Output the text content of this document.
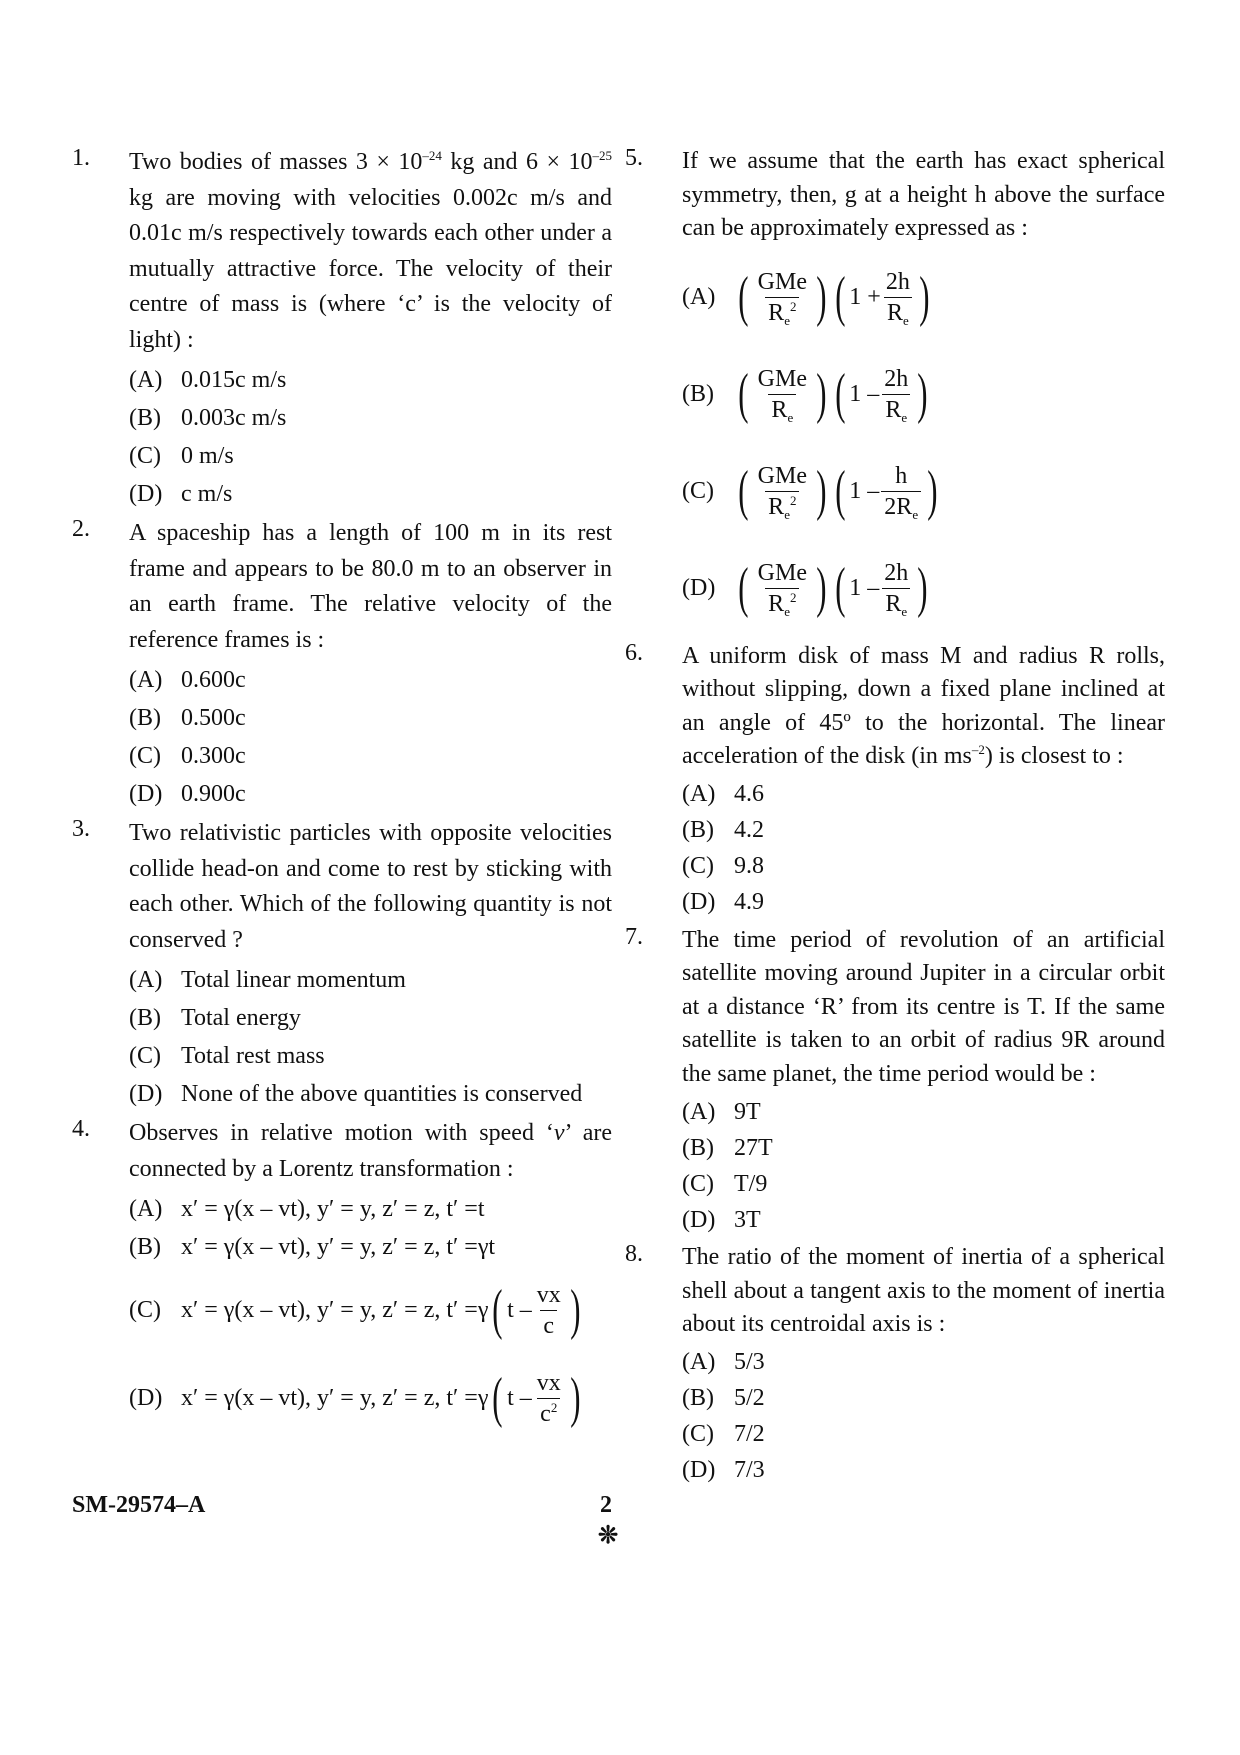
1. Two bodies of masses $3 \times 10^{-24}$ kg and $6 \times 10^{-25}$ kg are moving with velocities 0.002c m/s and 0.01c m/s respectively towards each other under a mutually attractive force. The velocity of their centre of mass is (where ‘c’ is the velocity of light) :
(A) 0.015c m/s
(B) 0.003c m/s
(C) 0 m/s
(D) c m/s
2. A spaceship has a length of 100 m in its rest frame and appears to be 80.0 m to an observer in an earth frame. The relative velocity of the reference frames is :
(A) 0.600c
(B) 0.500c
(C) 0.300c
(D) 0.900c
3. Two relativistic particles with opposite velocities collide head-on and come to rest by sticking with each other. Which of the following quantity is not conserved ?
(A) Total linear momentum
(B) Total energy
(C) Total rest mass
(D) None of the above quantities is conserved
4. Observes in relative motion with speed ‘v’ are connected by a Lorentz transformation :
(A) x′ = γ(x – vt), y′ = y, z′ = z, t′ = t
(B) x′ = γ(x – vt), y′ = y, z′ = z, t′ = γt
(C) x′ = γ(x – vt), y′ = y, z′ = z, t′ = γ ( t – $\frac{vx}{c}$ )
(D) x′ = γ(x – vt), y′ = y, z′ = z, t′ = γ ( t – $\frac{vx}{c^2}$ )
5. If we assume that the earth has exact spherical symmetry, then, g at a height h above the surface can be approximately expressed as :
(A) ( $\frac{\text{GMe}}{R_e^2}$ ) ( $1 + \frac{2h}{R_e}$ )
(B) ( $\frac{\text{GMe}}{R_e}$ ) ( $1 - \frac{2h}{R_e}$ )
(C) ( $\frac{\text{GMe}}{R_e^2}$ ) ( $1 - \frac{h}{2R_e}$ )
(D) ( $\frac{\text{GMe}}{R_e^2}$ ) ( $1 - \frac{2h}{R_e}$ )
6. A uniform disk of mass M and radius R rolls, without slipping, down a fixed plane inclined at an angle of 45º to the horizontal. The linear acceleration of the disk (in $ms^{-2}$) is closest to :
(A) 4.6
(B) 4.2
(C) 9.8
(D) 4.9
7. The time period of revolution of an artificial satellite moving around Jupiter in a circular orbit at a distance ‘R’ from its centre is T. If the same satellite is taken to an orbit of radius 9R around the same planet, the time period would be :
(A) 9T
(B) 27T
(C) T/9
(D) 3T
8. The ratio of the moment of inertia of a spherical shell about a tangent axis to the moment of inertia about its centroidal axis is :
(A) 5/3
(B) 5/2
(C) 7/2
(D) 7/3
SM-29574–A	2
❊
